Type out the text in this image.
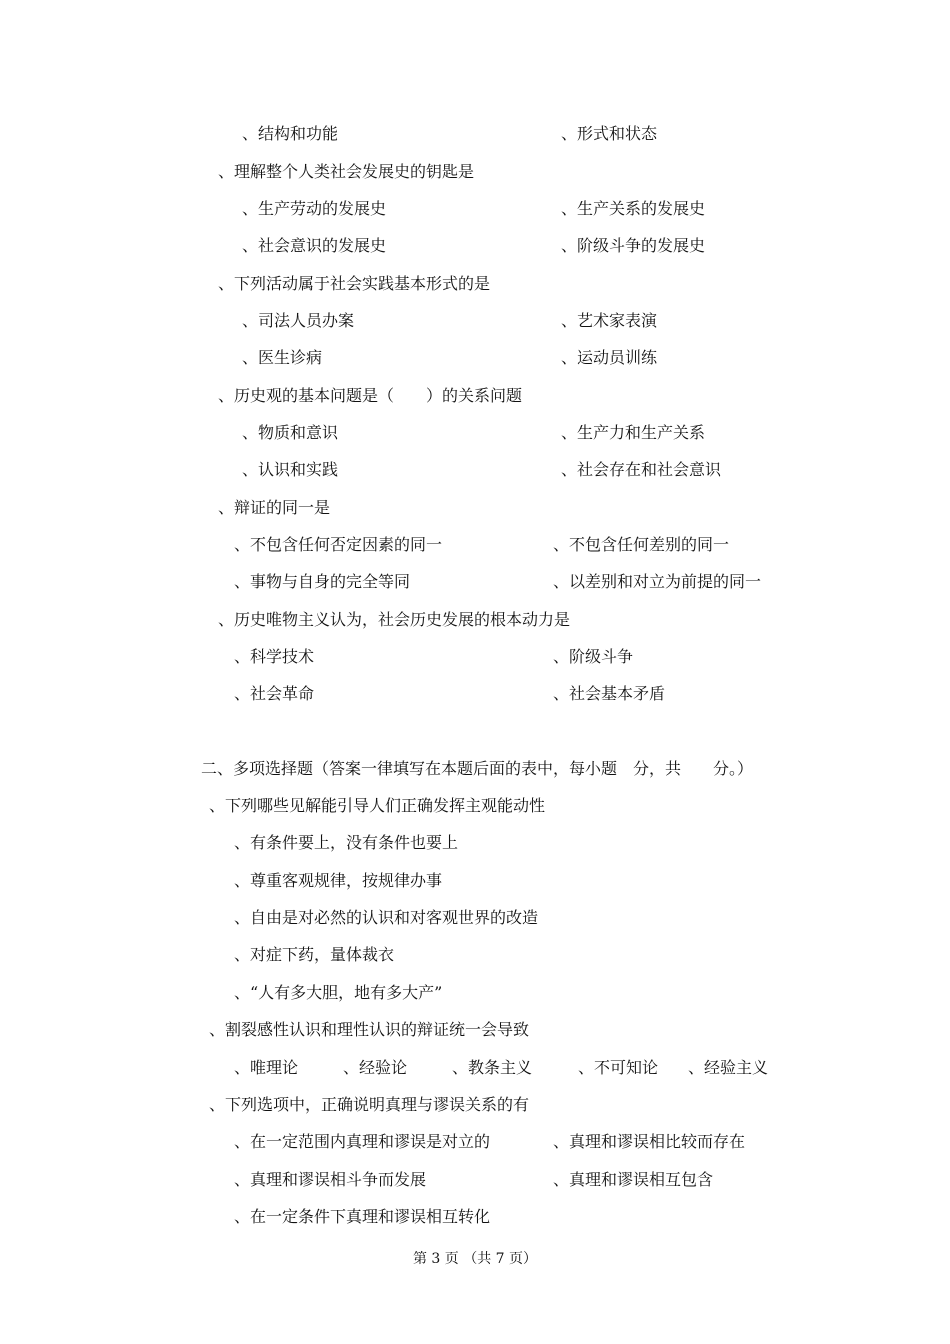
、结构和功能	、形式和状态
、理解整个人类社会发展史的钥匙是
、生产劳动的发展史	、生产关系的发展史
、社会意识的发展史	、阶级斗争的发展史
、下列活动属于社会实践基本形式的是
、司法人员办案	、艺术家表演
、医生诊病	、运动员训练
、历史观的基本问题是（　　）的关系问题
、物质和意识	、生产力和生产关系
、认识和实践	、社会存在和社会意识
、辩证的同一是
、不包含任何否定因素的同一	、不包含任何差别的同一
、事物与自身的完全等同	、以差别和对立为前提的同一
、历史唯物主义认为，社会历史发展的根本动力是
、科学技术	、阶级斗争
、社会革命	、社会基本矛盾
二、多项选择题（答案一律填写在本题后面的表中，每小题　分，共　　分。）
、下列哪些见解能引导人们正确发挥主观能动性
、有条件要上，没有条件也要上
、尊重客观规律，按规律办事
、自由是对必然的认识和对客观世界的改造
、对症下药，量体裁衣
、“人有多大胆，地有多大产”
、割裂感性认识和理性认识的辩证统一会导致
、唯理论	、经验论	、教条主义	、不可知论 、经验主义
、下列选项中，正确说明真理与谬误关系的有
、在一定范围内真理和谬误是对立的	、真理和谬误相比较而存在
、真理和谬误相斗争而发展	、真理和谬误相互包含
、在一定条件下真理和谬误相互转化
第 3 页 （共 7 页）
